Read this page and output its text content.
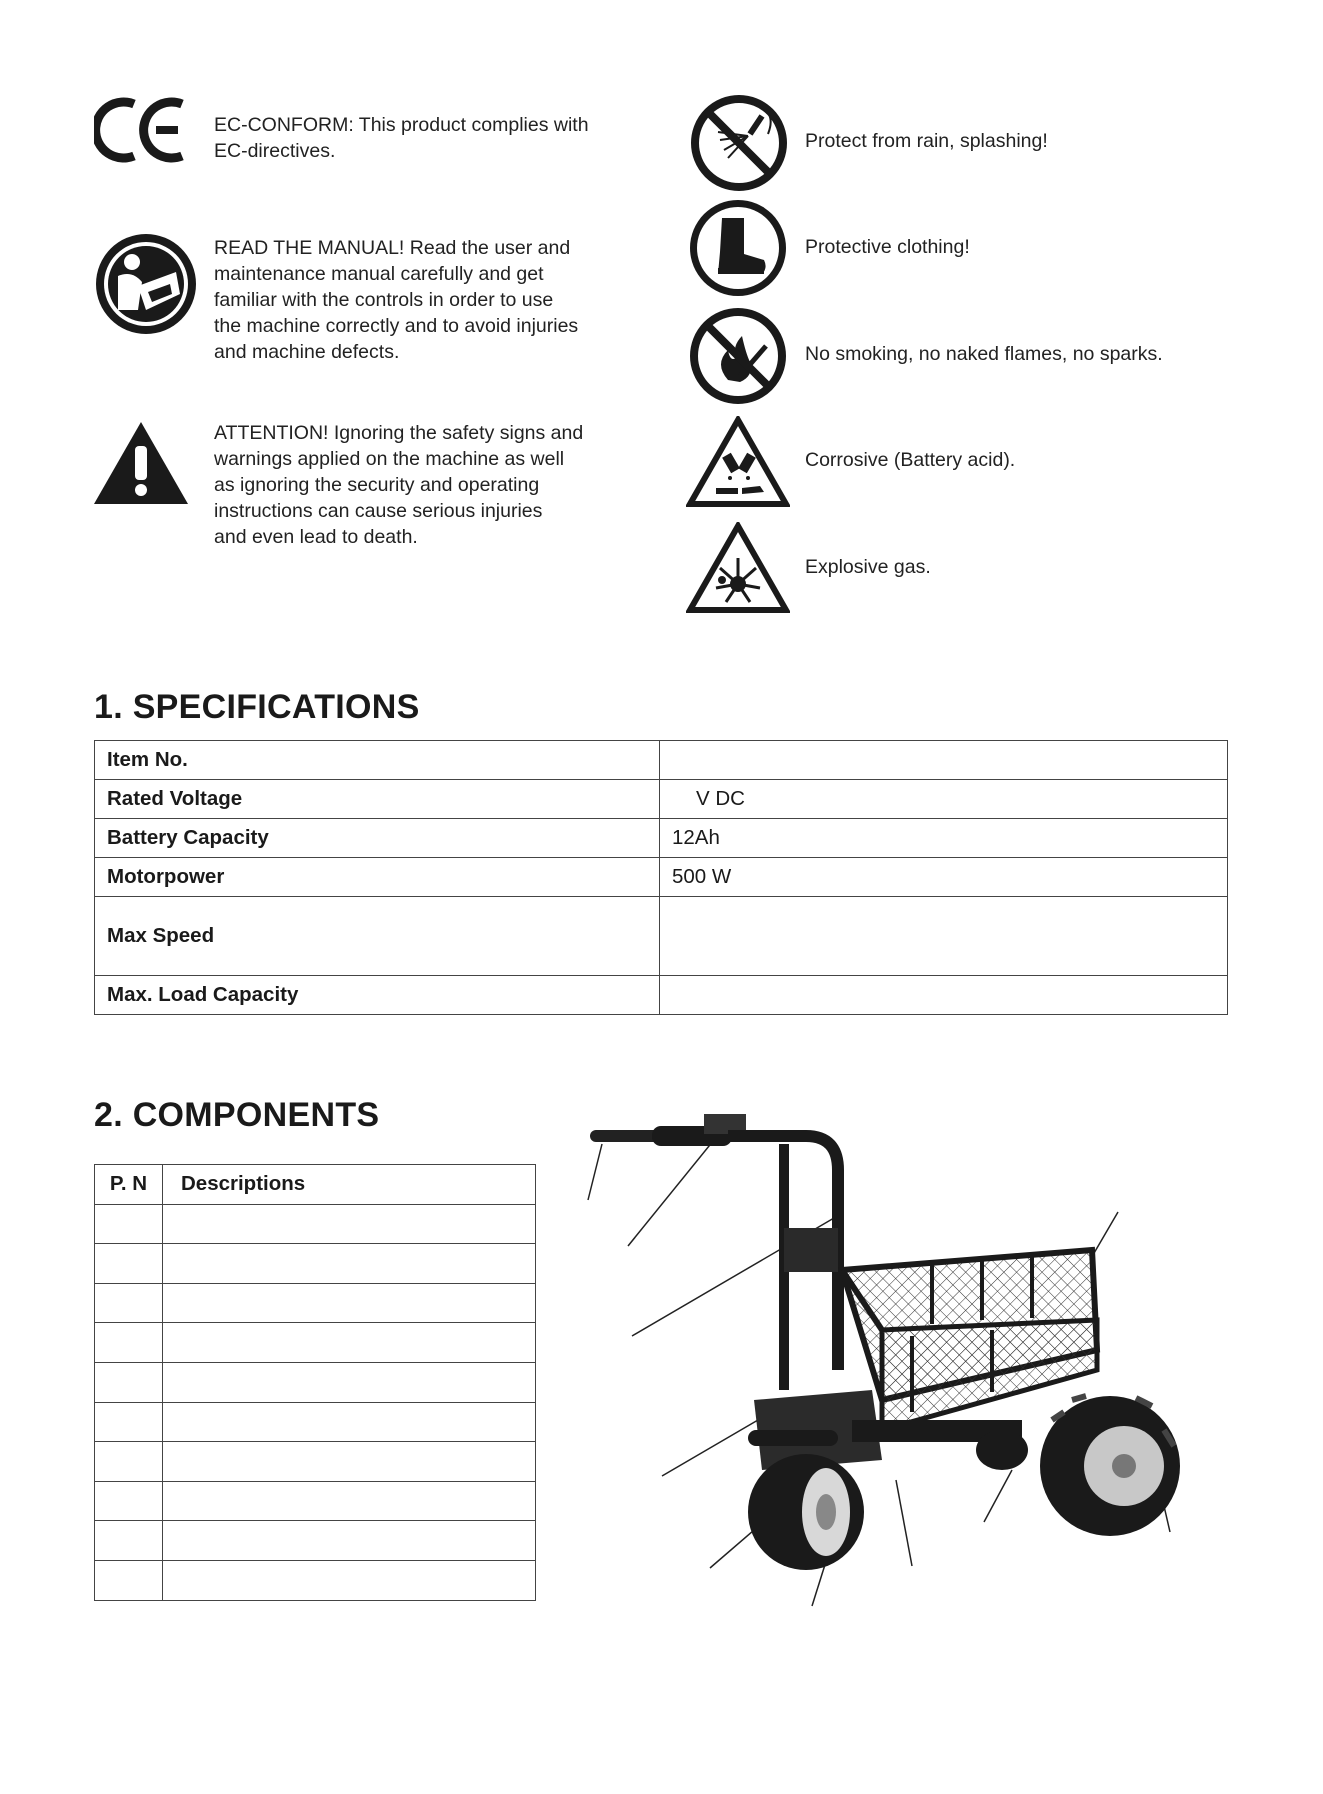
EC-CONFORM: This product complies with
EC-directives.
READ THE MANUAL! Read the user and
maintenance manual carefully and get
familiar with the controls in order to use
the machine correctly and to avoid injuries
and machine defects.
ATTENTION! Ignoring the safety signs and
warnings applied on the machine as well
as ignoring the security and operating
instructions can cause serious injuries
and even lead to death.
Protect from rain, splashing!
Protective clothing!
No smoking, no naked flames, no sparks.
Corrosive (Battery acid).
Explosive gas.
1. SPECIFICATIONS
Item No.	
Rated Voltage	V DC
Battery Capacity	12Ah
Motorpower	500 W
Max Speed	
Max. Load Capacity	
2. COMPONENTS
P. N	Descriptions
